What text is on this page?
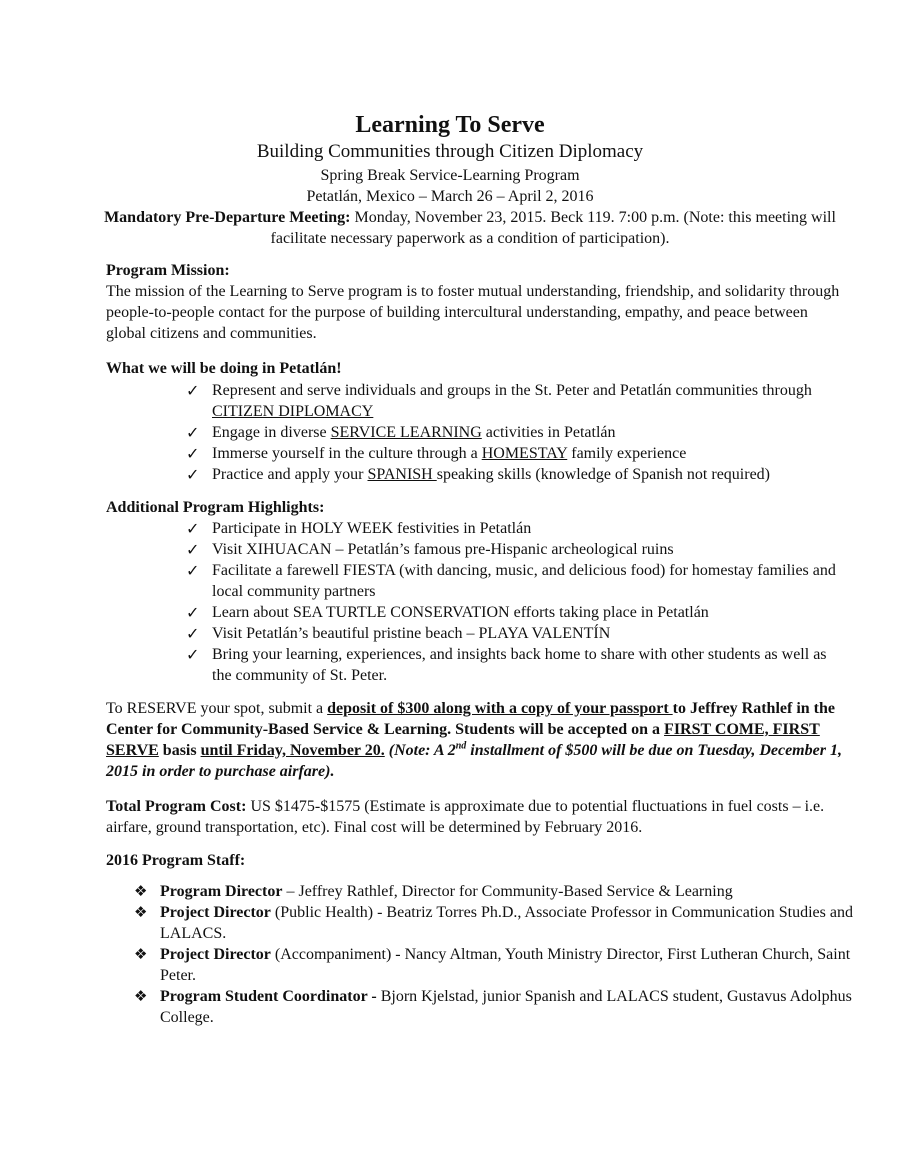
Learning To Serve
Building Communities through Citizen Diplomacy
Spring Break Service-Learning Program
Petatlán, Mexico – March 26 – April 2, 2016
Mandatory Pre-Departure Meeting: Monday, November 23, 2015. Beck 119. 7:00 p.m. (Note: this meeting will facilitate necessary paperwork as a condition of participation).
Program Mission:
The mission of the Learning to Serve program is to foster mutual understanding, friendship, and solidarity through people-to-people contact for the purpose of building intercultural understanding, empathy, and peace between global citizens and communities.
What we will be doing in Petatlán!
✓ Represent and serve individuals and groups in the St. Peter and Petatlán communities through CITIZEN DIPLOMACY
✓ Engage in diverse SERVICE LEARNING activities in Petatlán
✓ Immerse yourself in the culture through a HOMESTAY family experience
✓ Practice and apply your SPANISH speaking skills (knowledge of Spanish not required)
Additional Program Highlights:
✓ Participate in HOLY WEEK festivities in Petatlán
✓ Visit XIHUACAN – Petatlán’s famous pre-Hispanic archeological ruins
✓ Facilitate a farewell FIESTA (with dancing, music, and delicious food) for homestay families and local community partners
✓ Learn about SEA TURTLE CONSERVATION efforts taking place in Petatlán
✓ Visit Petatlán’s beautiful pristine beach – PLAYA VALENTÍN
✓ Bring your learning, experiences, and insights back home to share with other students as well as the community of St. Peter.
To RESERVE your spot, submit a deposit of $300 along with a copy of your passport to Jeffrey Rathlef in the Center for Community-Based Service & Learning. Students will be accepted on a FIRST COME, FIRST SERVE basis until Friday, November 20. (Note: A 2nd installment of $500 will be due on Tuesday, December 1, 2015 in order to purchase airfare).
Total Program Cost: US $1475-$1575 (Estimate is approximate due to potential fluctuations in fuel costs – i.e. airfare, ground transportation, etc). Final cost will be determined by February 2016.
2016 Program Staff:
❖ Program Director – Jeffrey Rathlef, Director for Community-Based Service & Learning
❖ Project Director (Public Health) - Beatriz Torres Ph.D., Associate Professor in Communication Studies and LALACS.
❖ Project Director (Accompaniment) - Nancy Altman, Youth Ministry Director, First Lutheran Church, Saint Peter.
❖ Program Student Coordinator - Bjorn Kjelstad, junior Spanish and LALACS student, Gustavus Adolphus College.
